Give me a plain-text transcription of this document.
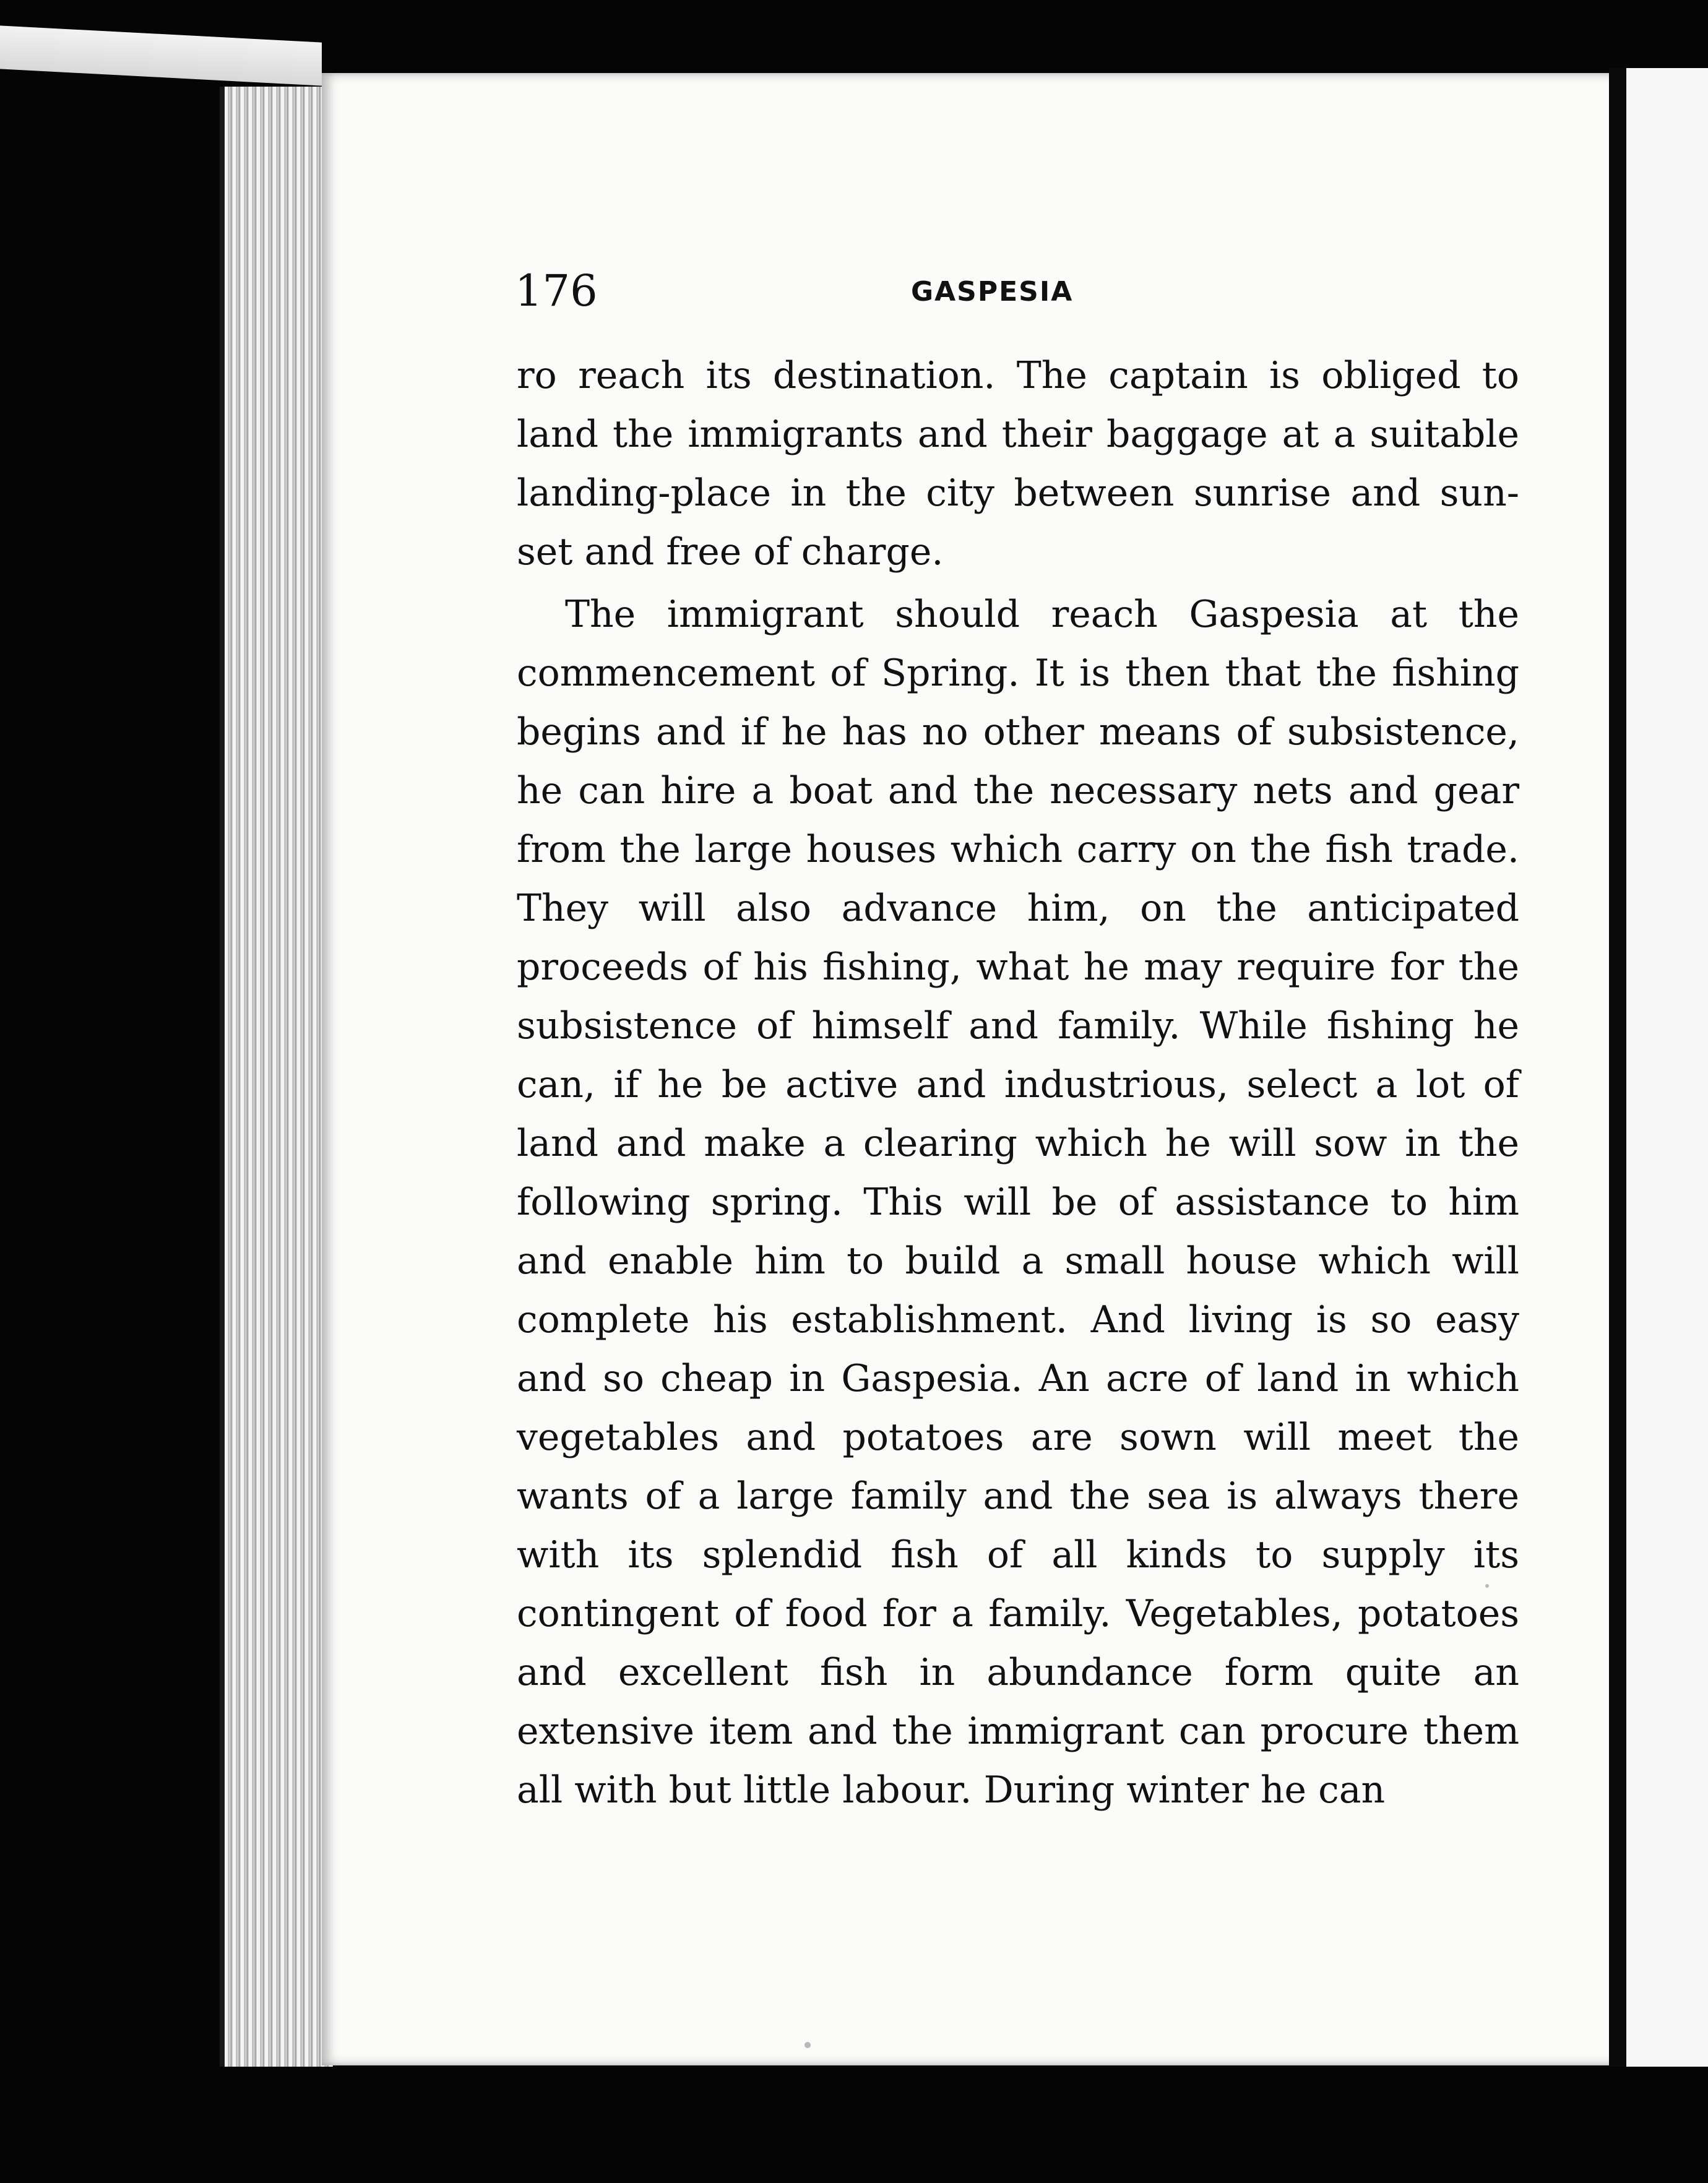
176	GASPESIA

ro reach its destination. The captain is obliged to land the immigrants and their baggage at a suitable landing-place in the city between sunrise and sun-set and free of charge.

The immigrant should reach Gaspesia at the commencement of Spring. It is then that the fishing begins and if he has no other means of subsistence, he can hire a boat and the necessary nets and gear from the large houses which carry on the fish trade. They will also advance him, on the anticipated proceeds of his fishing, what he may require for the subsistence of himself and family. While fishing he can, if he be active and industrious, select a lot of land and make a clearing which he will sow in the following spring. This will be of assistance to him and enable him to build a small house which will complete his establishment. And living is so easy and so cheap in Gaspesia. An acre of land in which vegetables and potatoes are sown will meet the wants of a large family and the sea is always there with its splendid fish of all kinds to supply its contingent of food for a family. Vegetables, potatoes and excellent fish in abundance form quite an extensive item and the immigrant can procure them all with but little labour. During winter he can
